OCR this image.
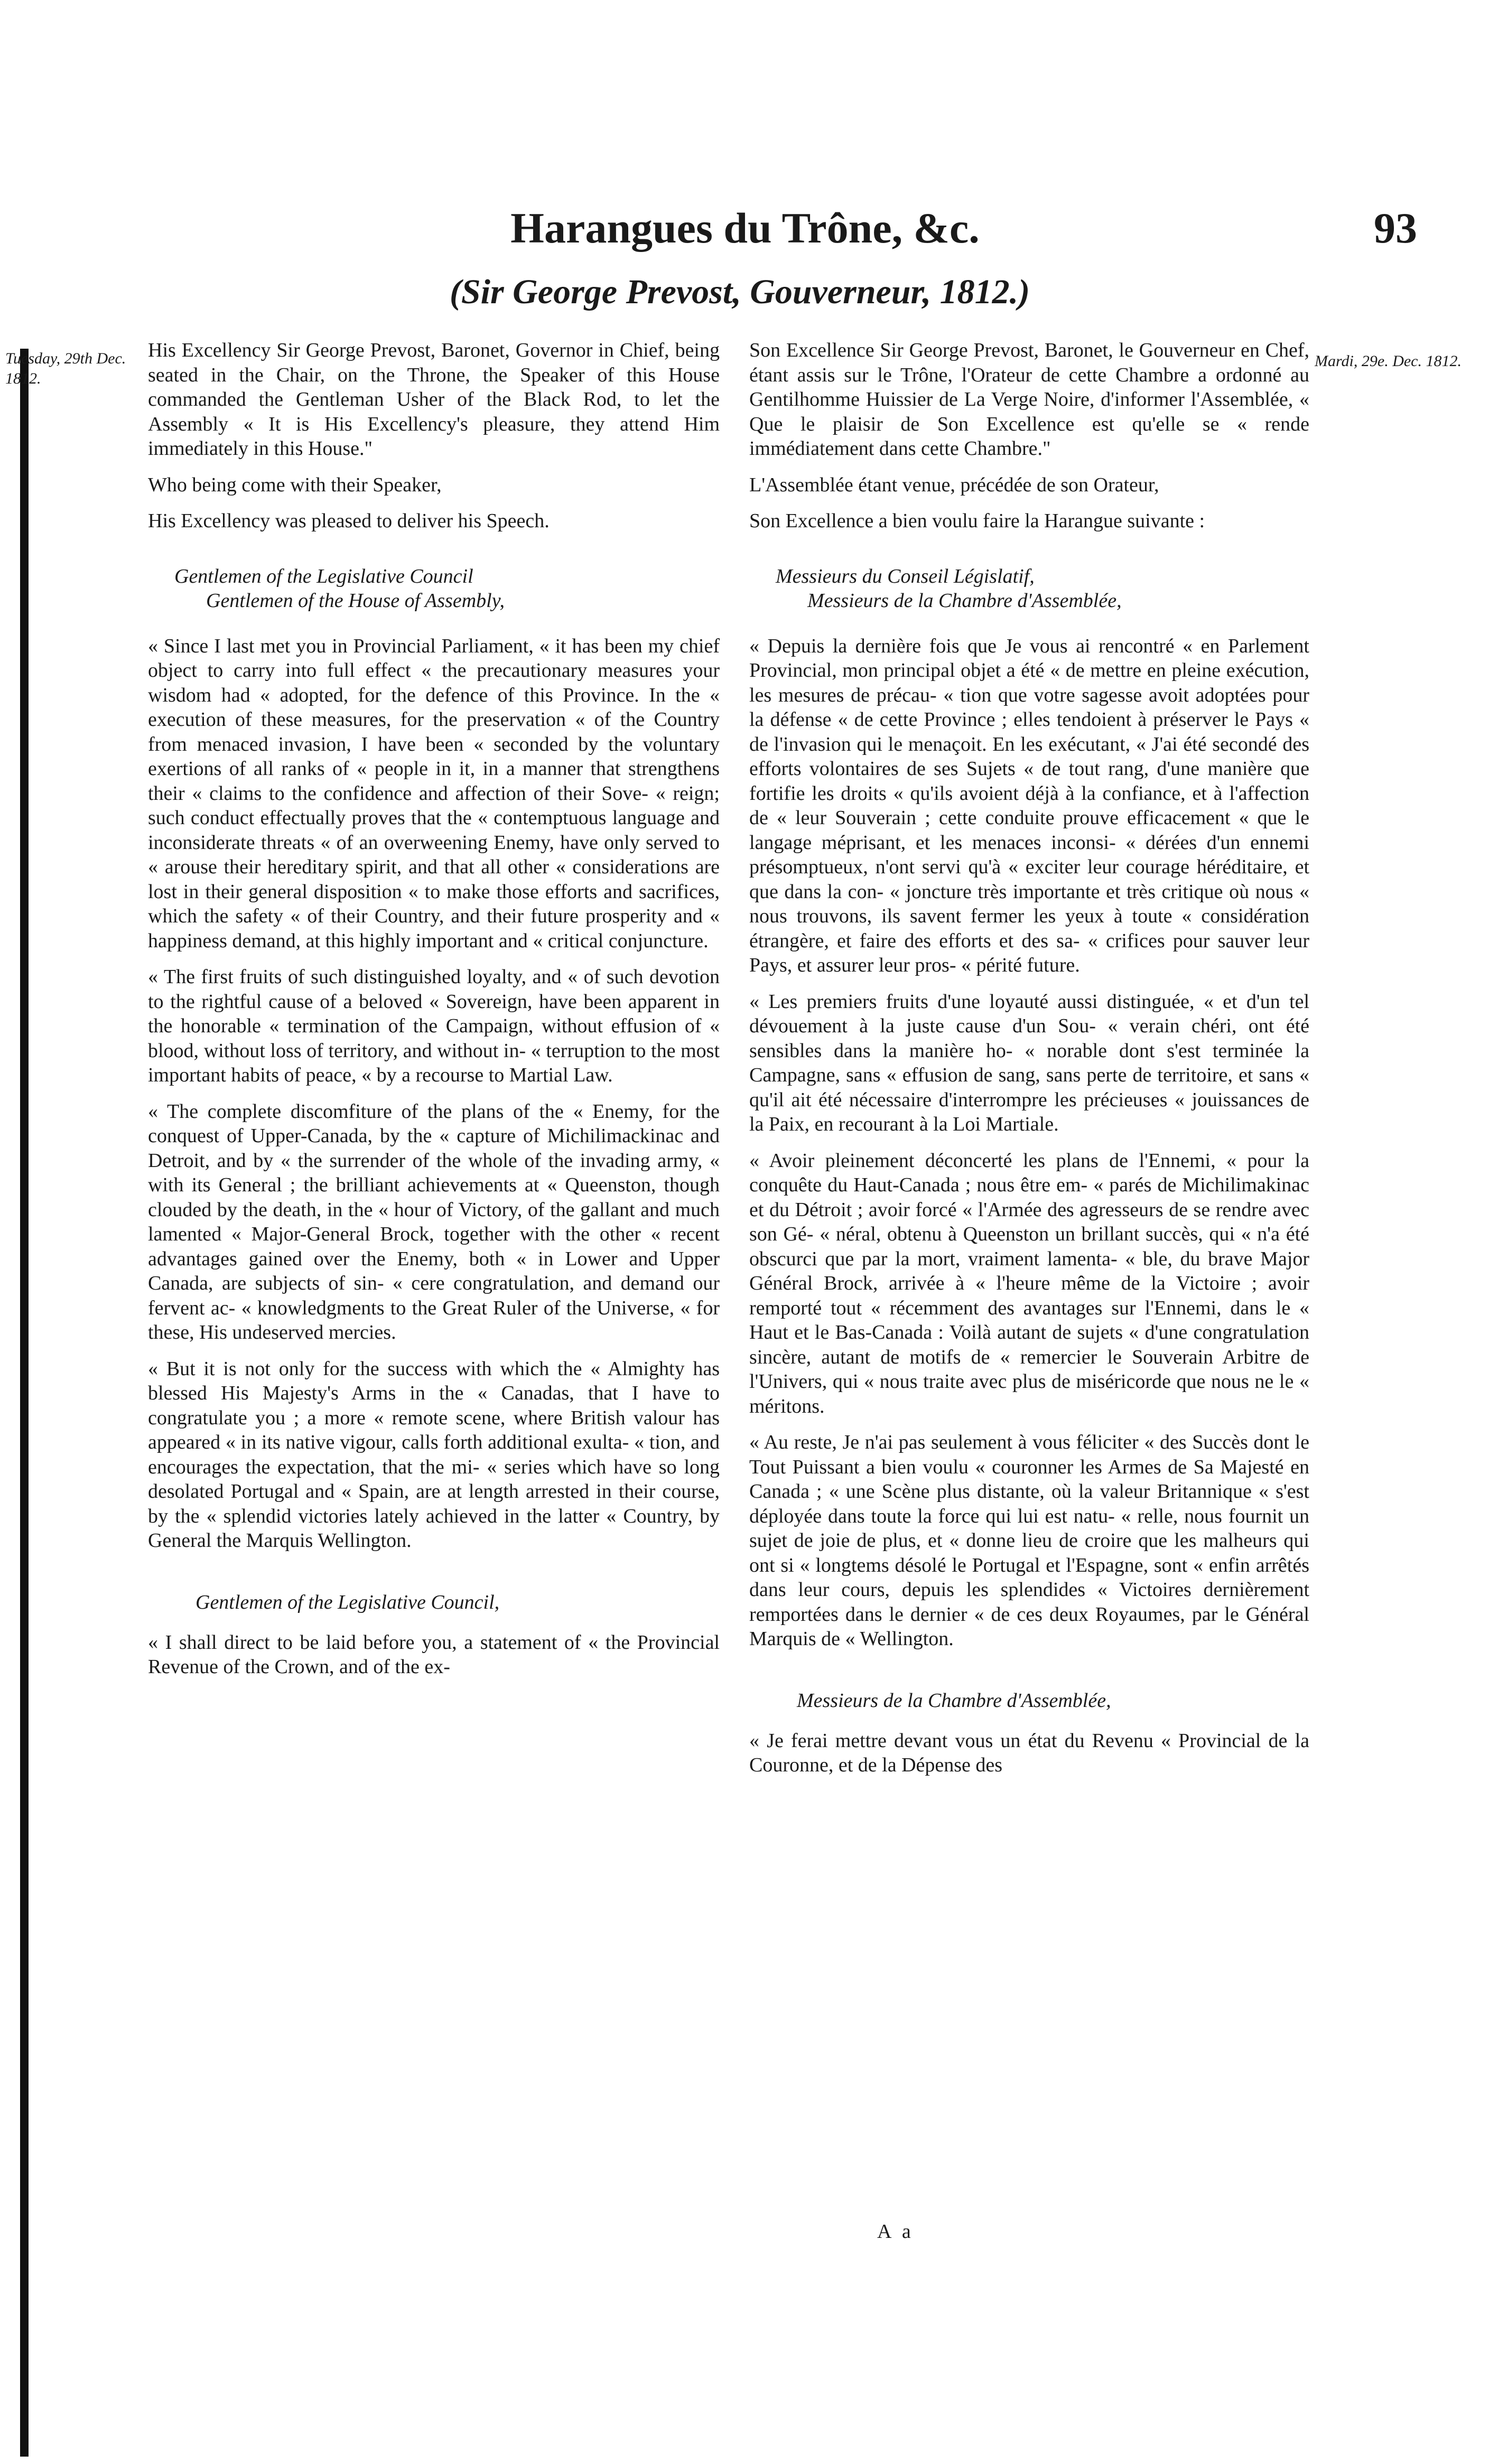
Harangues du Trône, &c.	93
(Sir George Prevost, Gouverneur, 1812.)
Tuesday, 29th Dec. 1812.
Mardi, 29e. Dec. 1812.

His Excellency Sir George Prevost, Baronet, Governor in Chief, being seated in the Chair, on the Throne, the Speaker of this House commanded the Gentleman Usher of the Black Rod, to let the Assembly « It is His Excellency's pleasure, they attend Him immediately in this House."

Who being come with their Speaker,

His Excellency was pleased to deliver his Speech.

Gentlemen of the Legislative Council
Gentlemen of the House of Assembly,

« Since I last met you in Provincial Parliament, « it has been my chief object to carry into full effect « the precautionary measures your wisdom had « adopted, for the defence of this Province. In the « execution of these measures, for the preservation « of the Country from menaced invasion, I have been « seconded by the voluntary exertions of all ranks of « people in it, in a manner that strengthens their « claims to the confidence and affection of their Sove- « reign; such conduct effectually proves that the « contemptuous language and inconsiderate threats « of an overweening Enemy, have only served to « arouse their hereditary spirit, and that all other « considerations are lost in their general disposition « to make those efforts and sacrifices, which the safety « of their Country, and their future prosperity and « happiness demand, at this highly important and « critical conjuncture.

« The first fruits of such distinguished loyalty, and « of such devotion to the rightful cause of a beloved « Sovereign, have been apparent in the honorable « termination of the Campaign, without effusion of « blood, without loss of territory, and without in- « terruption to the most important habits of peace, « by a recourse to Martial Law.

« The complete discomfiture of the plans of the « Enemy, for the conquest of Upper-Canada, by the « capture of Michilimackinac and Detroit, and by « the surrender of the whole of the invading army, « with its General ; the brilliant achievements at « Queenston, though clouded by the death, in the « hour of Victory, of the gallant and much lamented « Major-General Brock, together with the other « recent advantages gained over the Enemy, both « in Lower and Upper Canada, are subjects of sin- « cere congratulation, and demand our fervent ac- « knowledgments to the Great Ruler of the Universe, « for these, His undeserved mercies.

« But it is not only for the success with which the « Almighty has blessed His Majesty's Arms in the « Canadas, that I have to congratulate you ; a more « remote scene, where British valour has appeared « in its native vigour, calls forth additional exulta- « tion, and encourages the expectation, that the mi- « series which have so long desolated Portugal and « Spain, are at length arrested in their course, by the « splendid victories lately achieved in the latter « Country, by General the Marquis Wellington.

Gentlemen of the Legislative Council,

« I shall direct to be laid before you, a statement of « the Provincial Revenue of the Crown, and of the ex-

Son Excellence Sir George Prevost, Baronet, le Gouverneur en Chef, étant assis sur le Trône, l'Orateur de cette Chambre a ordonné au Gentilhomme Huissier de La Verge Noire, d'informer l'Assemblée, « Que le plaisir de Son Excellence est qu'elle se « rende immédiatement dans cette Chambre."

L'Assemblée étant venue, précédée de son Orateur,

Son Excellence a bien voulu faire la Harangue suivante :

Messieurs du Conseil Législatif,
Messieurs de la Chambre d'Assemblée,

« Depuis la dernière fois que Je vous ai rencontré « en Parlement Provincial, mon principal objet a été « de mettre en pleine exécution, les mesures de précau- « tion que votre sagesse avoit adoptées pour la défense « de cette Province ; elles tendoient à préserver le Pays « de l'invasion qui le menaçoit. En les exécutant, « J'ai été secondé des efforts volontaires de ses Sujets « de tout rang, d'une manière que fortifie les droits « qu'ils avoient déjà à la confiance, et à l'affection de « leur Souverain ; cette conduite prouve efficacement « que le langage méprisant, et les menaces inconsi- « dérées d'un ennemi présomptueux, n'ont servi qu'à « exciter leur courage héréditaire, et que dans la con- « joncture très importante et très critique où nous « nous trouvons, ils savent fermer les yeux à toute « considération étrangère, et faire des efforts et des sa- « crifices pour sauver leur Pays, et assurer leur pros- « périté future.

« Les premiers fruits d'une loyauté aussi distinguée, « et d'un tel dévouement à la juste cause d'un Sou- « verain chéri, ont été sensibles dans la manière ho- « norable dont s'est terminée la Campagne, sans « effusion de sang, sans perte de territoire, et sans « qu'il ait été nécessaire d'interrompre les précieuses « jouissances de la Paix, en recourant à la Loi Martiale.

« Avoir pleinement déconcerté les plans de l'Ennemi, « pour la conquête du Haut-Canada ; nous être em- « parés de Michilimakinac et du Détroit ; avoir forcé « l'Armée des agresseurs de se rendre avec son Gé- « néral, obtenu à Queenston un brillant succès, qui « n'a été obscurci que par la mort, vraiment lamenta- « ble, du brave Major Général Brock, arrivée à « l'heure même de la Victoire ; avoir remporté tout « récemment des avantages sur l'Ennemi, dans le « Haut et le Bas-Canada : Voilà autant de sujets « d'une congratulation sincère, autant de motifs de « remercier le Souverain Arbitre de l'Univers, qui « nous traite avec plus de miséricorde que nous ne le « méritons.

« Au reste, Je n'ai pas seulement à vous féliciter « des Succès dont le Tout Puissant a bien voulu « couronner les Armes de Sa Majesté en Canada ; « une Scène plus distante, où la valeur Britannique « s'est déployée dans toute la force qui lui est natu- « relle, nous fournit un sujet de joie de plus, et « donne lieu de croire que les malheurs qui ont si « longtems désolé le Portugal et l'Espagne, sont « enfin arrêtés dans leur cours, depuis les splendides « Victoires dernièrement remportées dans le dernier « de ces deux Royaumes, par le Général Marquis de « Wellington.

Messieurs de la Chambre d'Assemblée,

« Je ferai mettre devant vous un état du Revenu « Provincial de la Couronne, et de la Dépense des

A a
